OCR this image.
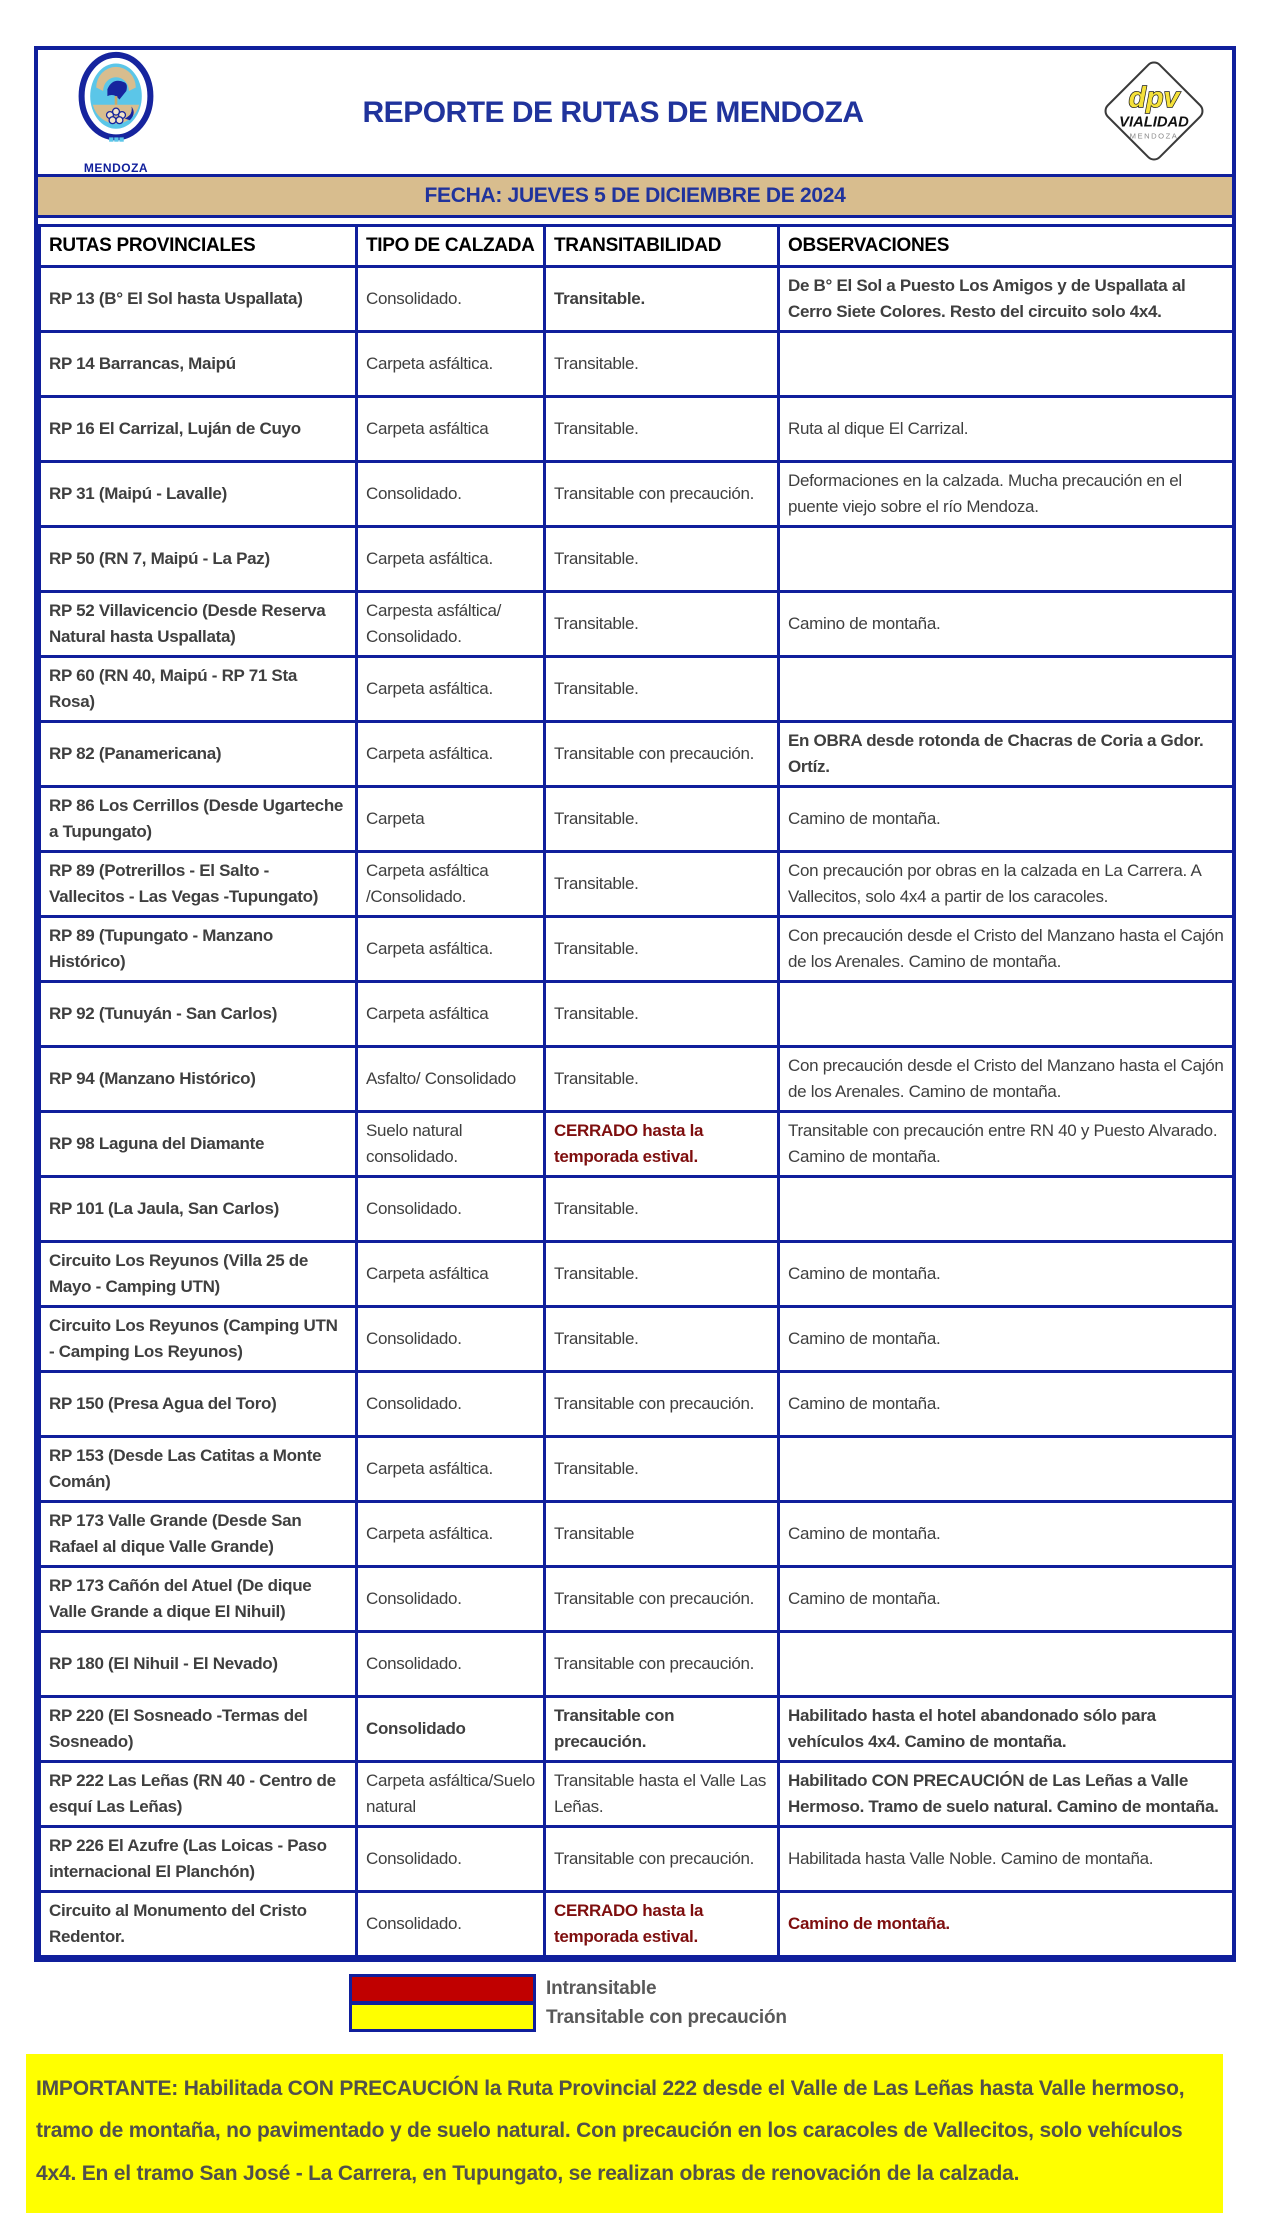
MENDOZA
REPORTE DE RUTAS DE MENDOZA	dpv
VIALIDAD
MENDOZA
FECHA: JUEVES 5 DE DICIEMBRE DE 2024
RUTAS PROVINCIALES	TIPO DE CALZADA	TRANSITABILIDAD	OBSERVACIONES
RP 13 (B° El Sol hasta Uspallata)	Consolidado.	Transitable.	De B° El Sol a Puesto Los Amigos y de Uspallata al Cerro Siete Colores. Resto del circuito solo 4x4.
RP 14 Barrancas, Maipú	Carpeta asfáltica.	Transitable.	
RP 16 El Carrizal, Luján de Cuyo	Carpeta asfáltica	Transitable.	Ruta al dique El Carrizal.
RP 31 (Maipú - Lavalle)	Consolidado.	Transitable con precaución.	Deformaciones en la calzada. Mucha precaución en el puente viejo sobre el río Mendoza.
RP 50 (RN 7, Maipú - La Paz)	Carpeta asfáltica.	Transitable.	
RP 52 Villavicencio (Desde Reserva Natural hasta Uspallata)	Carpesta asfáltica/ Consolidado.	Transitable.	Camino de montaña.
RP 60 (RN 40, Maipú - RP 71 Sta Rosa)	Carpeta asfáltica.	Transitable.	
RP 82 (Panamericana)	Carpeta asfáltica.	Transitable con precaución.	En OBRA desde rotonda de Chacras de Coria a Gdor. Ortíz.
RP 86 Los Cerrillos (Desde Ugarteche a Tupungato)	Carpeta	Transitable.	Camino de montaña.
RP 89 (Potrerillos - El Salto - Vallecitos - Las Vegas -Tupungato)	Carpeta asfáltica /Consolidado.	Transitable.	Con precaución por obras en la calzada en La Carrera. A Vallecitos, solo 4x4 a partir de los caracoles.
RP 89 (Tupungato - Manzano Histórico)	Carpeta asfáltica.	Transitable.	Con precaución desde el Cristo del Manzano hasta el Cajón de los Arenales. Camino de montaña.
RP 92 (Tunuyán - San Carlos)	Carpeta asfáltica	Transitable.	
RP 94 (Manzano Histórico)	Asfalto/ Consolidado	Transitable.	Con precaución desde el Cristo del Manzano hasta el Cajón de los Arenales. Camino de montaña.
RP 98 Laguna del Diamante	Suelo natural consolidado.	CERRADO hasta la temporada estival.	Transitable con precaución entre RN 40 y Puesto Alvarado. Camino de montaña.
RP 101 (La Jaula, San Carlos)	Consolidado.	Transitable.	
Circuito Los Reyunos (Villa 25 de Mayo - Camping UTN)	Carpeta asfáltica	Transitable.	Camino de montaña.
Circuito Los Reyunos (Camping UTN - Camping Los Reyunos)	Consolidado.	Transitable.	Camino de montaña.
RP 150 (Presa Agua del Toro)	Consolidado.	Transitable con precaución.	Camino de montaña.
RP 153 (Desde Las Catitas a Monte Comán)	Carpeta asfáltica.	Transitable.	
RP 173 Valle Grande (Desde San Rafael al dique Valle Grande)	Carpeta asfáltica.	Transitable	Camino de montaña.
RP 173 Cañón del Atuel (De dique Valle Grande a dique El Nihuil)	Consolidado.	Transitable con precaución.	Camino de montaña.
RP 180 (El Nihuil - El Nevado)	Consolidado.	Transitable con precaución.	
RP 220 (El Sosneado -Termas del Sosneado)	Consolidado	Transitable con precaución.	Habilitado hasta el hotel abandonado sólo para vehículos 4x4. Camino de montaña.
RP 222 Las Leñas (RN 40 - Centro de esquí Las Leñas)	Carpeta asfáltica/Suelo natural	Transitable hasta el Valle Las Leñas.	Habilitado CON PRECAUCIÓN de Las Leñas a Valle Hermoso. Tramo de suelo natural. Camino de montaña.
RP 226 El Azufre (Las Loicas - Paso internacional El Planchón)	Consolidado.	Transitable con precaución.	Habilitada hasta Valle Noble. Camino de montaña.
Circuito al Monumento del Cristo Redentor.	Consolidado.	CERRADO hasta la temporada estival.	Camino de montaña.
Intransitable
Transitable con precaución
IMPORTANTE: Habilitada CON PRECAUCIÓN la Ruta Provincial 222 desde el Valle de Las Leñas hasta Valle hermoso, tramo de montaña, no pavimentado y de suelo natural. Con precaución en los caracoles de Vallecitos, solo vehículos 4x4. En el tramo San José - La Carrera, en Tupungato, se realizan obras de renovación de la calzada.
